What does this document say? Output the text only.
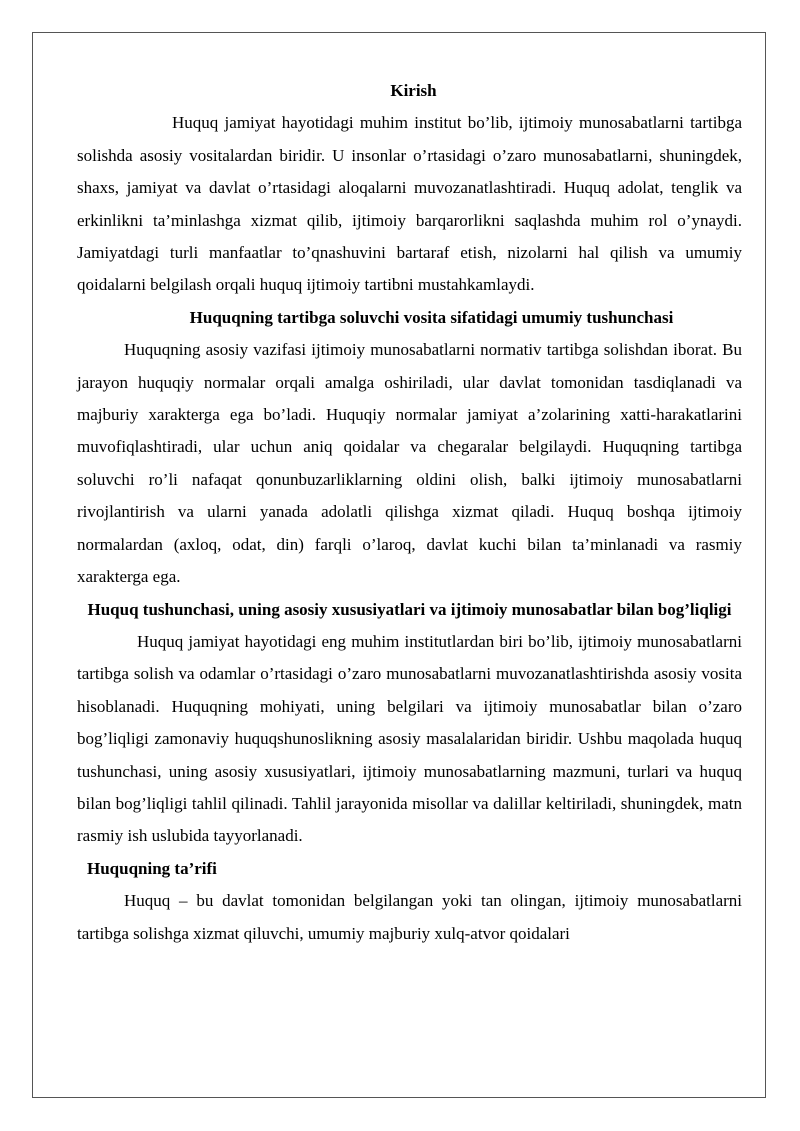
Kirish

Huquq jamiyat hayotidagi muhim institut bo’lib, ijtimoiy munosabatlarni tartibga solishda asosiy vositalardan biridir. U insonlar o’rtasidagi o’zaro munosabatlarni, shuningdek, shaxs, jamiyat va davlat o’rtasidagi aloqalarni muvozanatlashtiradi. Huquq adolat, tenglik va erkinlikni ta’minlashga xizmat qilib, ijtimoiy barqarorlikni saqlashda muhim rol o’ynaydi. Jamiyatdagi turli manfaatlar to’qnashuvini bartaraf etish, nizolarni hal qilish va umumiy qoidalarni belgilash orqali huquq ijtimoiy tartibni mustahkamlaydi.

Huquqning tartibga soluvchi vosita sifatidagi umumiy tushunchasi

Huquqning asosiy vazifasi ijtimoiy munosabatlarni normativ tartibga solishdan iborat. Bu jarayon huquqiy normalar orqali amalga oshiriladi, ular davlat tomonidan tasdiqlanadi va majburiy xarakterga ega bo’ladi. Huquqiy normalar jamiyat a’zolarining xatti-harakatlarini muvofiqlashtiradi, ular uchun aniq qoidalar va chegaralar belgilaydi. Huquqning tartibga soluvchi ro’li nafaqat qonunbuzarliklarning oldini olish, balki ijtimoiy munosabatlarni rivojlantirish va ularni yanada adolatli qilishga xizmat qiladi. Huquq boshqa ijtimoiy normalardan (axloq, odat, din) farqli o’laroq, davlat kuchi bilan ta’minlanadi va rasmiy xarakterga ega.

Huquq tushunchasi, uning asosiy xususiyatlari va ijtimoiy munosabatlar bilan bog’liqligi

Huquq jamiyat hayotidagi eng muhim institutlardan biri bo’lib, ijtimoiy munosabatlarni tartibga solish va odamlar o’rtasidagi o’zaro munosabatlarni muvozanatlashtirishda asosiy vosita hisoblanadi. Huquqning mohiyati, uning belgilari va ijtimoiy munosabatlar bilan o’zaro bog’liqligi zamonaviy huquqshunoslikning asosiy masalalaridan biridir. Ushbu maqolada huquq tushunchasi, uning asosiy xususiyatlari, ijtimoiy munosabatlarning mazmuni, turlari va huquq bilan bog’liqligi tahlil qilinadi. Tahlil jarayonida misollar va dalillar keltiriladi, shuningdek, matn rasmiy ish uslubida tayyorlanadi.

Huquqning ta’rifi

Huquq – bu davlat tomonidan belgilangan yoki tan olingan, ijtimoiy munosabatlarni tartibga solishga xizmat qiluvchi, umumiy majburiy xulq-atvor qoidalari
